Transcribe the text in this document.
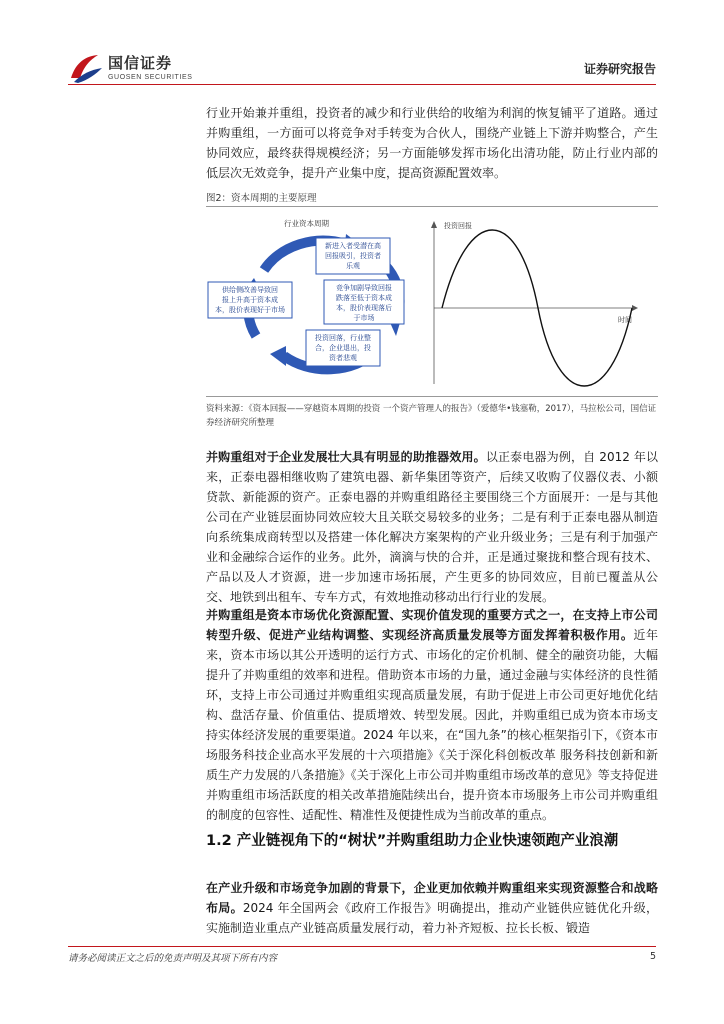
国信证券
GUOSEN SECURITIES
证券研究报告

行业开始兼并重组，投资者的减少和行业供给的收缩为利润的恢复铺平了道路。通过并购重组，一方面可以将竞争对手转变为合伙人，围绕产业链上下游并购整合，产生协同效应，最终获得规模经济；另一方面能够发挥市场化出清功能，防止行业内部的低层次无效竞争，提升产业集中度，提高资源配置效率。

图2：资本周期的主要原理
行业资本周期
新进入者受潜在高
回报吸引，投资者
乐观
竞争加剧导致回报
跌落至低于资本成
本，股价表现落后
于市场
投资回落，行业整
合，企业退出，投
资者悲观
供给侧改善导致回
报上升高于资本成
本，股价表现好于市场
投资回报
时间
资料来源：《资本回报——穿越资本周期的投资 一个资产管理人的报告》（爱德华•钱塞勒，2017），马拉松公司，国信证券经济研究所整理

并购重组对于企业发展壮大具有明显的助推器效用。以正泰电器为例，自 2012 年以来，正泰电器相继收购了建筑电器、新华集团等资产，后续又收购了仪器仪表、小额贷款、新能源的资产。正泰电器的并购重组路径主要围绕三个方面展开：一是与其他公司在产业链层面协同效应较大且关联交易较多的业务；二是有利于正泰电器从制造向系统集成商转型以及搭建一体化解决方案架构的产业升级业务；三是有利于加强产业和金融综合运作的业务。此外，滴滴与快的合并，正是通过聚拢和整合现有技术、产品以及人才资源，进一步加速市场拓展，产生更多的协同效应，目前已覆盖从公交、地铁到出租车、专车方式，有效地推动移动出行行业的发展。

并购重组是资本市场优化资源配置、实现价值发现的重要方式之一，在支持上市公司转型升级、促进产业结构调整、实现经济高质量发展等方面发挥着积极作用。近年来，资本市场以其公开透明的运行方式、市场化的定价机制、健全的融资功能，大幅提升了并购重组的效率和进程。借助资本市场的力量，通过金融与实体经济的良性循环，支持上市公司通过并购重组实现高质量发展，有助于促进上市公司更好地优化结构、盘活存量、价值重估、提质增效、转型发展。因此，并购重组已成为资本市场支持实体经济发展的重要渠道。2024 年以来，在“国九条”的核心框架指引下，《资本市场服务科技企业高水平发展的十六项措施》《关于深化科创板改革 服务科技创新和新质生产力发展的八条措施》《关于深化上市公司并购重组市场改革的意见》等支持促进并购重组市场活跃度的相关改革措施陆续出台，提升资本市场服务上市公司并购重组的制度的包容性、适配性、精准性及便捷性成为当前改革的重点。

1.2 产业链视角下的“树状”并购重组助力企业快速领跑产业浪潮

在产业升级和市场竞争加剧的背景下，企业更加依赖并购重组来实现资源整合和战略布局。2024 年全国两会《政府工作报告》明确提出，推动产业链供应链优化升级，实施制造业重点产业链高质量发展行动，着力补齐短板、拉长长板、锻造

请务必阅读正文之后的免责声明及其项下所有内容	5
